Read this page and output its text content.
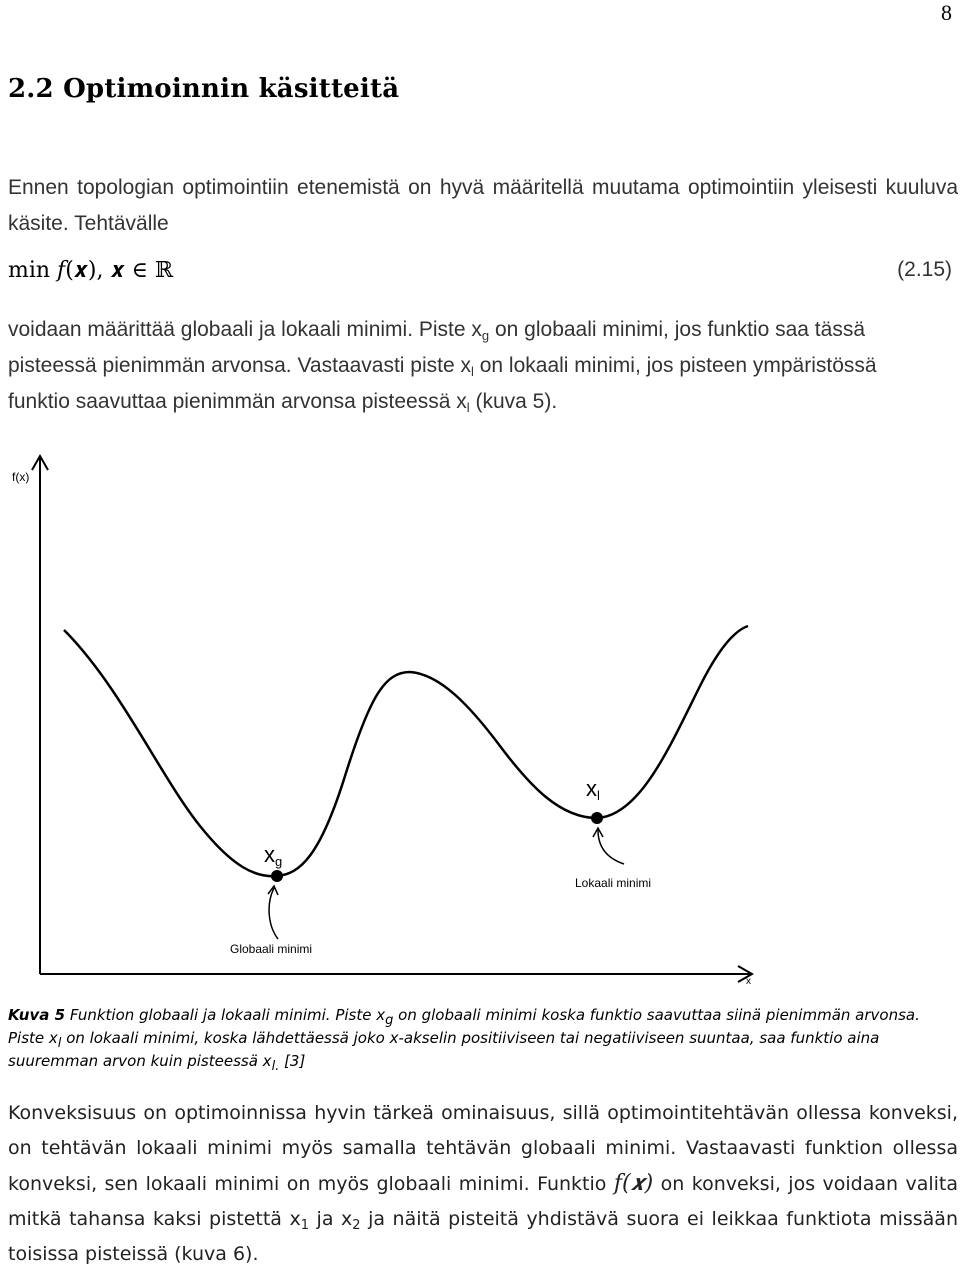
8
2.2 Optimoinnin käsitteitä

Ennen topologian optimointiin etenemistä on hyvä määritellä muutama optimointiin yleisesti kuuluva käsite. Tehtävälle

min 𝑓(𝒙), 𝒙 ∈ ℝ	(2.15)

voidaan määrittää globaali ja lokaali minimi. Piste $x_g$ on globaali minimi, jos funktio saa tässä
pisteessä pienimmän arvonsa. Vastaavasti piste $x_l$ on lokaali minimi, jos pisteen ympäristössä
funktio saavuttaa pienimmän arvonsa pisteessä $x_l$ (kuva 5).

f(x)
x
$x_g$
$x_l$
Globaali minimi
Lokaali minimi

Kuva 5 Funktion globaali ja lokaali minimi. Piste $x_g$ on globaali minimi koska funktio saavuttaa siinä pienimmän arvonsa. Piste $x_l$ on lokaali minimi, koska lähdettäessä joko x-akselin positiiviseen tai negatiiviseen suuntaa, saa funktio aina suuremman arvon kuin pisteessä $x_{l.}$ [3]

Konveksisuus on optimoinnissa hyvin tärkeä ominaisuus, sillä optimointitehtävän ollessa konveksi, on tehtävän lokaali minimi myös samalla tehtävän globaali minimi. Vastaavasti funktion ollessa konveksi, sen lokaali minimi on myös globaali minimi. Funktio 𝑓(𝒙) on konveksi, jos voidaan valita mitkä tahansa kaksi pistettä $x_1$ ja $x_2$ ja näitä pisteitä yhdistävä suora ei leikkaa funktiota missään toisissa pisteissä (kuva 6).
